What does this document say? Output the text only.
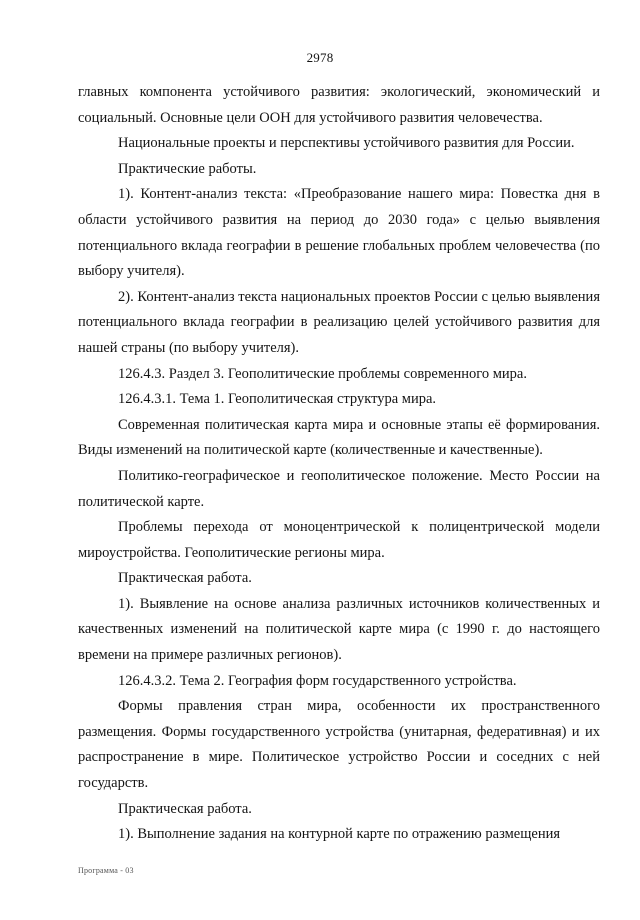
2978

главных компонента устойчивого развития: экологический, экономический и социальный. Основные цели ООН для устойчивого развития человечества.

Национальные проекты и перспективы устойчивого развития для России.

Практические работы.

1). Контент-анализ текста: «Преобразование нашего мира: Повестка дня в области устойчивого развития на период до 2030 года» с целью выявления потенциального вклада географии в решение глобальных проблем человечества (по выбору учителя).

2). Контент-анализ текста национальных проектов России с целью выявления потенциального вклада географии в реализацию целей устойчивого развития для нашей страны (по выбору учителя).

126.4.3. Раздел 3. Геополитические проблемы современного мира.

126.4.3.1. Тема 1. Геополитическая структура мира.

Современная политическая карта мира и основные этапы её формирования. Виды изменений на политической карте (количественные и качественные).

Политико-географическое и геополитическое положение. Место России на политической карте.

Проблемы перехода от моноцентрической к полицентрической модели мироустройства. Геополитические регионы мира.

Практическая работа.

1). Выявление на основе анализа различных источников количественных и качественных изменений на политической карте мира (с 1990 г. до настоящего времени на примере различных регионов).

126.4.3.2. Тема 2. География форм государственного устройства.

Формы правления стран мира, особенности их пространственного размещения. Формы государственного устройства (унитарная, федеративная) и их распространение в мире. Политическое устройство России и соседних с ней государств.

Практическая работа.

1). Выполнение задания на контурной карте по отражению размещения

Программа - 03
